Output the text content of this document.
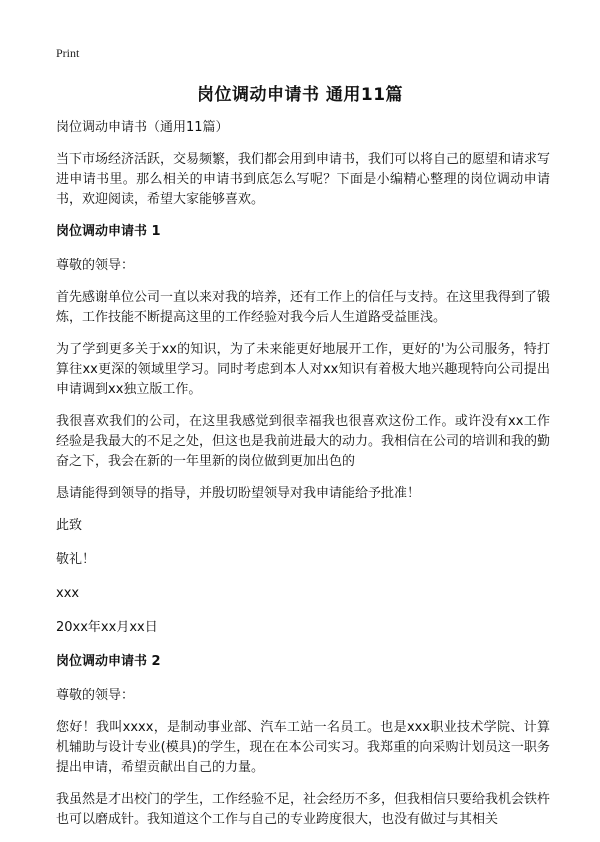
Print
岗位调动申请书 通用11篇

岗位调动申请书（通用11篇）

当下市场经济活跃，交易频繁，我们都会用到申请书，我们可以将自己的愿望和请求写进申请书里。那么相关的申请书到底怎么写呢？下面是小编精心整理的岗位调动申请书，欢迎阅读，希望大家能够喜欢。

岗位调动申请书 1

尊敬的领导：

首先感谢单位公司一直以来对我的培养，还有工作上的信任与支持。在这里我得到了锻炼，工作技能不断提高这里的工作经验对我今后人生道路受益匪浅。

为了学到更多关于xx的知识，为了未来能更好地展开工作，更好的'为公司服务，特打算往xx更深的领域里学习。同时考虑到本人对xx知识有着极大地兴趣现特向公司提出申请调到xx独立版工作。

我很喜欢我们的公司，在这里我感觉到很幸福我也很喜欢这份工作。或许没有xx工作经验是我最大的不足之处，但这也是我前进最大的动力。我相信在公司的培训和我的勤奋之下，我会在新的一年里新的岗位做到更加出色的

恳请能得到领导的指导，并殷切盼望领导对我申请能给予批准！

此致

敬礼！

xxx

20xx年xx月xx日

岗位调动申请书 2

尊敬的领导：

您好！我叫xxxx，是制动事业部、汽车工站一名员工。也是xxx职业技术学院、计算机辅助与设计专业(模具)的学生，现在在本公司实习。我郑重的向采购计划员这一职务提出申请，希望贡献出自己的力量。

我虽然是才出校门的学生，工作经验不足，社会经历不多，但我相信只要给我机会铁杵也可以磨成针。我知道这个工作与自己的专业跨度很大，也没有做过与其相关
